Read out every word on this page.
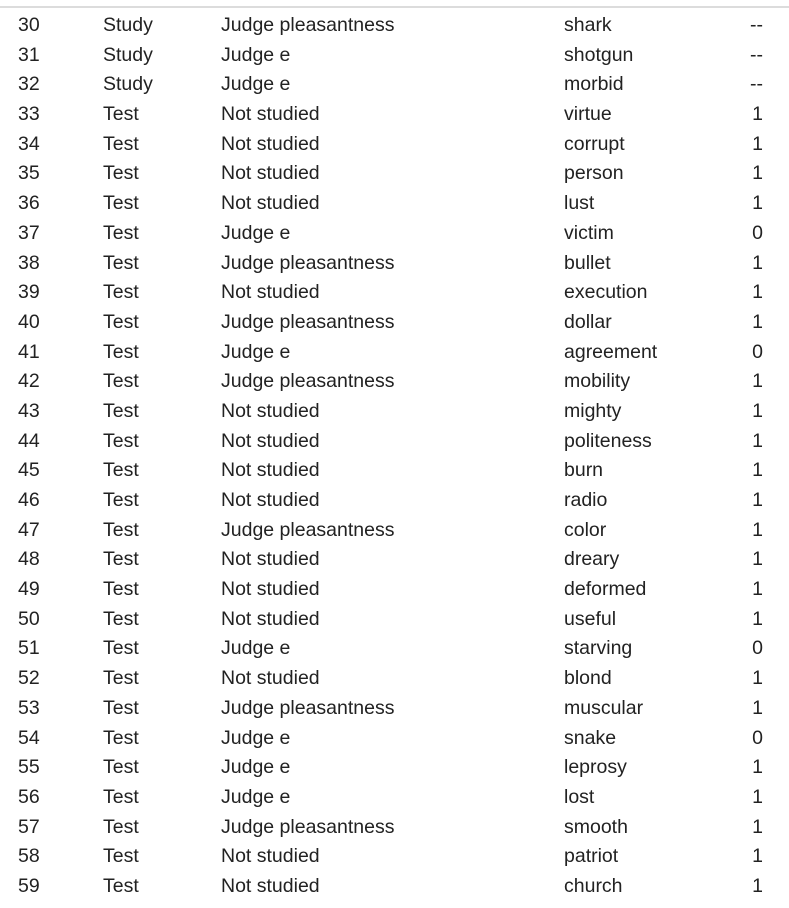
30	Study	Judge pleasantness	shark	--
31	Study	Judge e	shotgun	--
32	Study	Judge e	morbid	--
33	Test	Not studied	virtue	1
34	Test	Not studied	corrupt	1
35	Test	Not studied	person	1
36	Test	Not studied	lust	1
37	Test	Judge e	victim	0
38	Test	Judge pleasantness	bullet	1
39	Test	Not studied	execution	1
40	Test	Judge pleasantness	dollar	1
41	Test	Judge e	agreement	0
42	Test	Judge pleasantness	mobility	1
43	Test	Not studied	mighty	1
44	Test	Not studied	politeness	1
45	Test	Not studied	burn	1
46	Test	Not studied	radio	1
47	Test	Judge pleasantness	color	1
48	Test	Not studied	dreary	1
49	Test	Not studied	deformed	1
50	Test	Not studied	useful	1
51	Test	Judge e	starving	0
52	Test	Not studied	blond	1
53	Test	Judge pleasantness	muscular	1
54	Test	Judge e	snake	0
55	Test	Judge e	leprosy	1
56	Test	Judge e	lost	1
57	Test	Judge pleasantness	smooth	1
58	Test	Not studied	patriot	1
59	Test	Not studied	church	1
